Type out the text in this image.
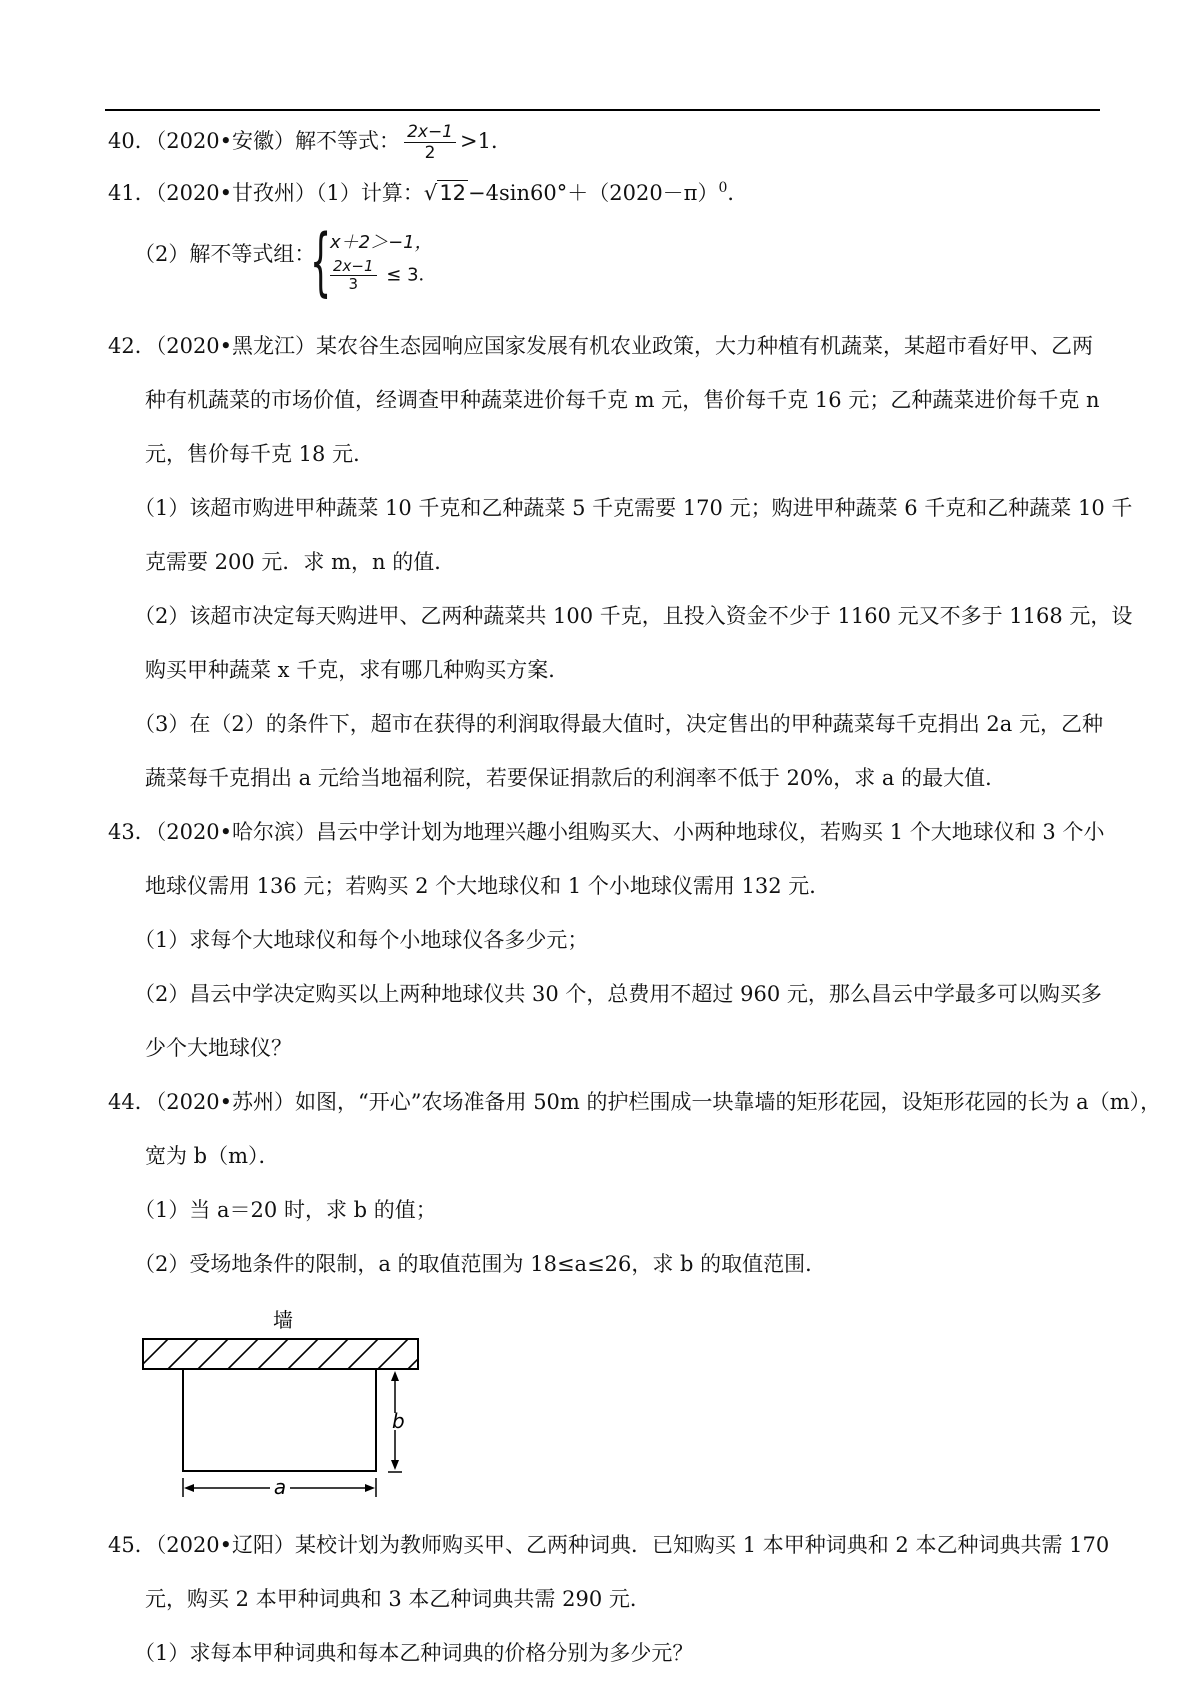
40．（2020•安徽）解不等式： $\frac{2x-1}{2} >1$．
41．（2020•甘孜州）（1）计算：$√12-4\sin 60^\circ+(2020-\pi)^0$．
（2）解不等式组：
{
x＋2＞−1，
$\frac{2x-1}{3} \le 3$．
42．（2020•黑龙江）某农谷生态园响应国家发展有机农业政策，大力种植有机蔬菜，某超市看好甲、乙两
种有机蔬菜的市场价值，经调查甲种蔬菜进价每千克 m 元，售价每千克 16 元；乙种蔬菜进价每千克 n
元，售价每千克 18 元．
（1）该超市购进甲种蔬菜 10 千克和乙种蔬菜 5 千克需要 170 元；购进甲种蔬菜 6 千克和乙种蔬菜 10 千
克需要 200 元．求 m，n 的值．
（2）该超市决定每天购进甲、乙两种蔬菜共 100 千克，且投入资金不少于 1160 元又不多于 1168 元，设
购买甲种蔬菜 x 千克，求有哪几种购买方案．
（3）在（2）的条件下，超市在获得的利润取得最大值时，决定售出的甲种蔬菜每千克捐出 2a 元，乙种
蔬菜每千克捐出 a 元给当地福利院，若要保证捐款后的利润率不低于 20%，求 a 的最大值．
43．（2020•哈尔滨）昌云中学计划为地理兴趣小组购买大、小两种地球仪，若购买 1 个大地球仪和 3 个小
地球仪需用 136 元；若购买 2 个大地球仪和 1 个小地球仪需用 132 元．
（1）求每个大地球仪和每个小地球仪各多少元；
（2）昌云中学决定购买以上两种地球仪共 30 个，总费用不超过 960 元，那么昌云中学最多可以购买多
少个大地球仪？
44．（2020•苏州）如图，“开心”农场准备用 50m 的护栏围成一块靠墙的矩形花园，设矩形花园的长为 a（m），
宽为 b（m）．
（1）当 a＝20 时，求 b 的值；
（2）受场地条件的限制，a 的取值范围为 18≤a≤26，求 b 的取值范围．
墙
b
a
45．（2020•辽阳）某校计划为教师购买甲、乙两种词典．已知购买 1 本甲种词典和 2 本乙种词典共需 170
元，购买 2 本甲种词典和 3 本乙种词典共需 290 元．
（1）求每本甲种词典和每本乙种词典的价格分别为多少元？
